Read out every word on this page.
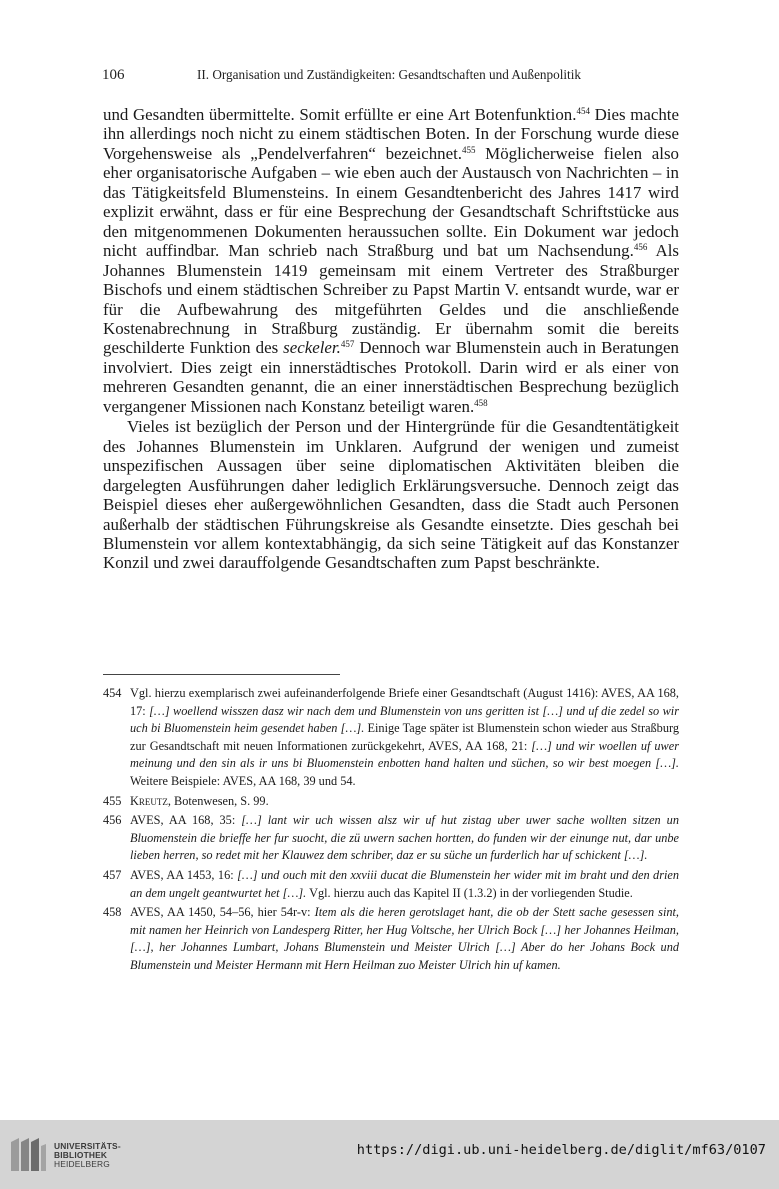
106	II. Organisation und Zuständigkeiten: Gesandtschaften und Außenpolitik

und Gesandten übermittelte. Somit erfüllte er eine Art Botenfunktion.$^{454}$ Dies machte ihn allerdings noch nicht zu einem städtischen Boten. In der Forschung wurde diese Vorgehensweise als „Pendelverfahren“ bezeichnet.$^{455}$ Möglicherweise fielen also eher organisatorische Aufgaben – wie eben auch der Austausch von Nachrichten – in das Tätigkeitsfeld Blumensteins. In einem Gesandtenbericht des Jahres 1417 wird explizit erwähnt, dass er für eine Besprechung der Gesandtschaft Schriftstücke aus den mitgenommenen Dokumenten heraussuchen sollte. Ein Dokument war jedoch nicht auffindbar. Man schrieb nach Straßburg und bat um Nachsendung.$^{456}$ Als Johannes Blumenstein 1419 gemeinsam mit einem Vertreter des Straßburger Bischofs und einem städtischen Schreiber zu Papst Martin V. entsandt wurde, war er für die Aufbewahrung des mitgeführten Geldes und die anschließende Kostenabrechnung in Straßburg zuständig. Er übernahm somit die bereits geschilderte Funktion des seckeler.$^{457}$ Dennoch war Blumenstein auch in Beratungen involviert. Dies zeigt ein innerstädtisches Protokoll. Darin wird er als einer von mehreren Gesandten genannt, die an einer innerstädtischen Besprechung bezüglich vergangener Missionen nach Konstanz beteiligt waren.$^{458}$

Vieles ist bezüglich der Person und der Hintergründe für die Gesandtentätigkeit des Johannes Blumenstein im Unklaren. Aufgrund der wenigen und zumeist unspezifischen Aussagen über seine diplomatischen Aktivitäten bleiben die dargelegten Ausführungen daher lediglich Erklärungsversuche. Dennoch zeigt das Beispiel dieses eher außergewöhnlichen Gesandten, dass die Stadt auch Personen außerhalb der städtischen Führungskreise als Gesandte einsetzte. Dies geschah bei Blumenstein vor allem kontextabhängig, da sich seine Tätigkeit auf das Konstanzer Konzil und zwei darauffolgende Gesandtschaften zum Papst beschränkte.

454 Vgl. hierzu exemplarisch zwei aufeinanderfolgende Briefe einer Gesandtschaft (August 1416): AVES, AA 168, 17: […] woellend wisszen dasz wir nach dem und Blumenstein von uns geritten ist […] und uf die zedel so wir uch bi Bluomenstein heim gesendet haben […]. Einige Tage später ist Blumenstein schon wieder aus Straßburg zur Gesandtschaft mit neuen Informationen zurückgekehrt, AVES, AA 168, 21: […] und wir woellen uf uwer meinung und den sin als ir uns bi Bluomenstein enbotten hand halten und süchen, so wir best moegen […]. Weitere Beispiele: AVES, AA 168, 39 und 54.
455 Kreutz, Botenwesen, S. 99.
456 AVES, AA 168, 35: […] lant wir uch wissen alsz wir uf hut zistag uber uwer sache wollten sitzen un Bluomenstein die brieffe her fur suocht, die zü uwern sachen hortten, do funden wir der einunge nut, dar unbe lieben herren, so redet mit her Klauwez dem schriber, daz er su süche un furderlich har uf schickent […].
457 AVES, AA 1453, 16: […] und ouch mit den xxviii ducat die Blumenstein her wider mit im braht und den drien an dem ungelt geantwurtet het […]. Vgl. hierzu auch das Kapitel II (1.3.2) in der vorliegenden Studie.
458 AVES, AA 1450, 54–56, hier 54r-v: Item als die heren gerotslaget hant, die ob der Stett sache gesessen sint, mit namen her Heinrich von Landesperg Ritter, her Hug Voltsche, her Ulrich Bock […] her Johannes Heilman, […], her Johannes Lumbart, Johans Blumenstein und Meister Ulrich […] Aber do her Johans Bock und Blumenstein und Meister Hermann mit Hern Heilman zuo Meister Ulrich hin uf kamen.
UNIVERSITÄTS-
BIBLIOTHEK
HEIDELBERG
https://digi.ub.uni-heidelberg.de/diglit/mf63/0107
